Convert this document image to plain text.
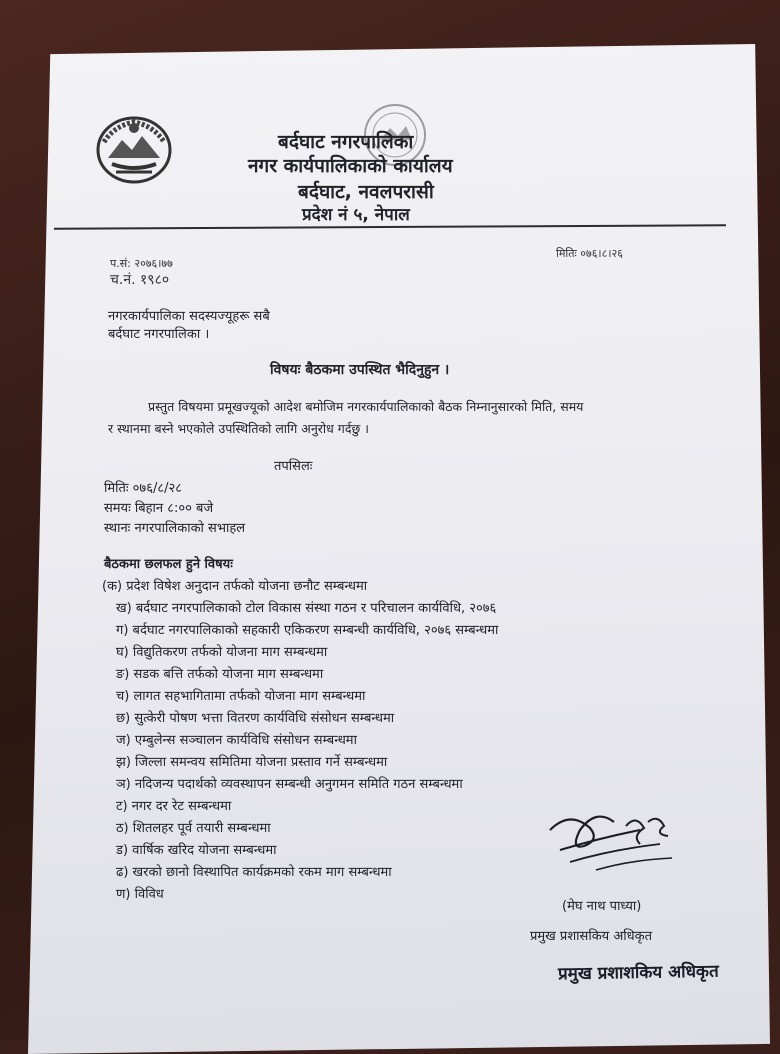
बर्दघाट नगरपालिका
नगर कार्यपालिकाको कार्यालय
बर्दघाट, नवलपरासी
प्रदेश नं ५, नेपाल
प.सं: २०७६।७७
च.नं. १९८०
मितिः ०७६।८।२६
नगरकार्यपालिका सदस्यज्यूहरू सबै
बर्दघाट नगरपालिका ।
विषयः बैठकमा उपस्थित भैदिनुहुन ।
प्रस्तुत विषयमा प्रमूखज्यूको आदेश बमोजिम नगरकार्यपालिकाको बैठक निम्नानुसारको मिति, समय
र स्थानमा बस्ने भएकोले उपस्थितिको लागि अनुरोध गर्दछु ।
तपसिलः
मितिः ०७६/८/२८
समयः बिहान ८:०० बजे
स्थानः नगरपालिकाको सभाहल
बैठकमा छलफल हुने विषयः
(क) प्रदेश विषेश अनुदान तर्फको योजना छनौट सम्बन्धमा
ख) बर्दघाट नगरपालिकाको टोल विकास संस्था गठन र परिचालन कार्यविधि, २०७६
ग) बर्दघाट नगरपालिकाको सहकारी एकिकरण सम्बन्धी कार्यविधि, २०७६ सम्बन्धमा
घ) विद्युतिकरण तर्फको योजना माग सम्बन्धमा
ङ) सडक बत्ति तर्फको योजना माग सम्बन्धमा
च) लागत सहभागितामा तर्फको योजना माग सम्बन्धमा
छ) सुत्केरी पोषण भत्ता वितरण कार्यविधि संसोधन सम्बन्धमा
ज) एम्बुलेन्स सञ्चालन कार्यविधि संसोधन सम्बन्धमा
झ) जिल्ला समन्वय समितिमा योजना प्रस्ताव गर्ने सम्बन्धमा
ञ) नदिजन्य पदार्थको व्यवस्थापन सम्बन्धी अनुगमन समिति गठन सम्बन्धमा
ट) नगर दर रेट सम्बन्धमा
ठ) शितलहर पूर्व तयारी सम्बन्धमा
ड) वार्षिक खरिद योजना सम्बन्धमा
ढ) खरको छानो विस्थापित कार्यक्रमको रकम माग सम्बन्धमा
ण) विविध
(मेघ नाथ पाध्या)
प्रमुख प्रशासकिय अधिकृत
प्रमुख प्रशाशकिय अधिकृत
